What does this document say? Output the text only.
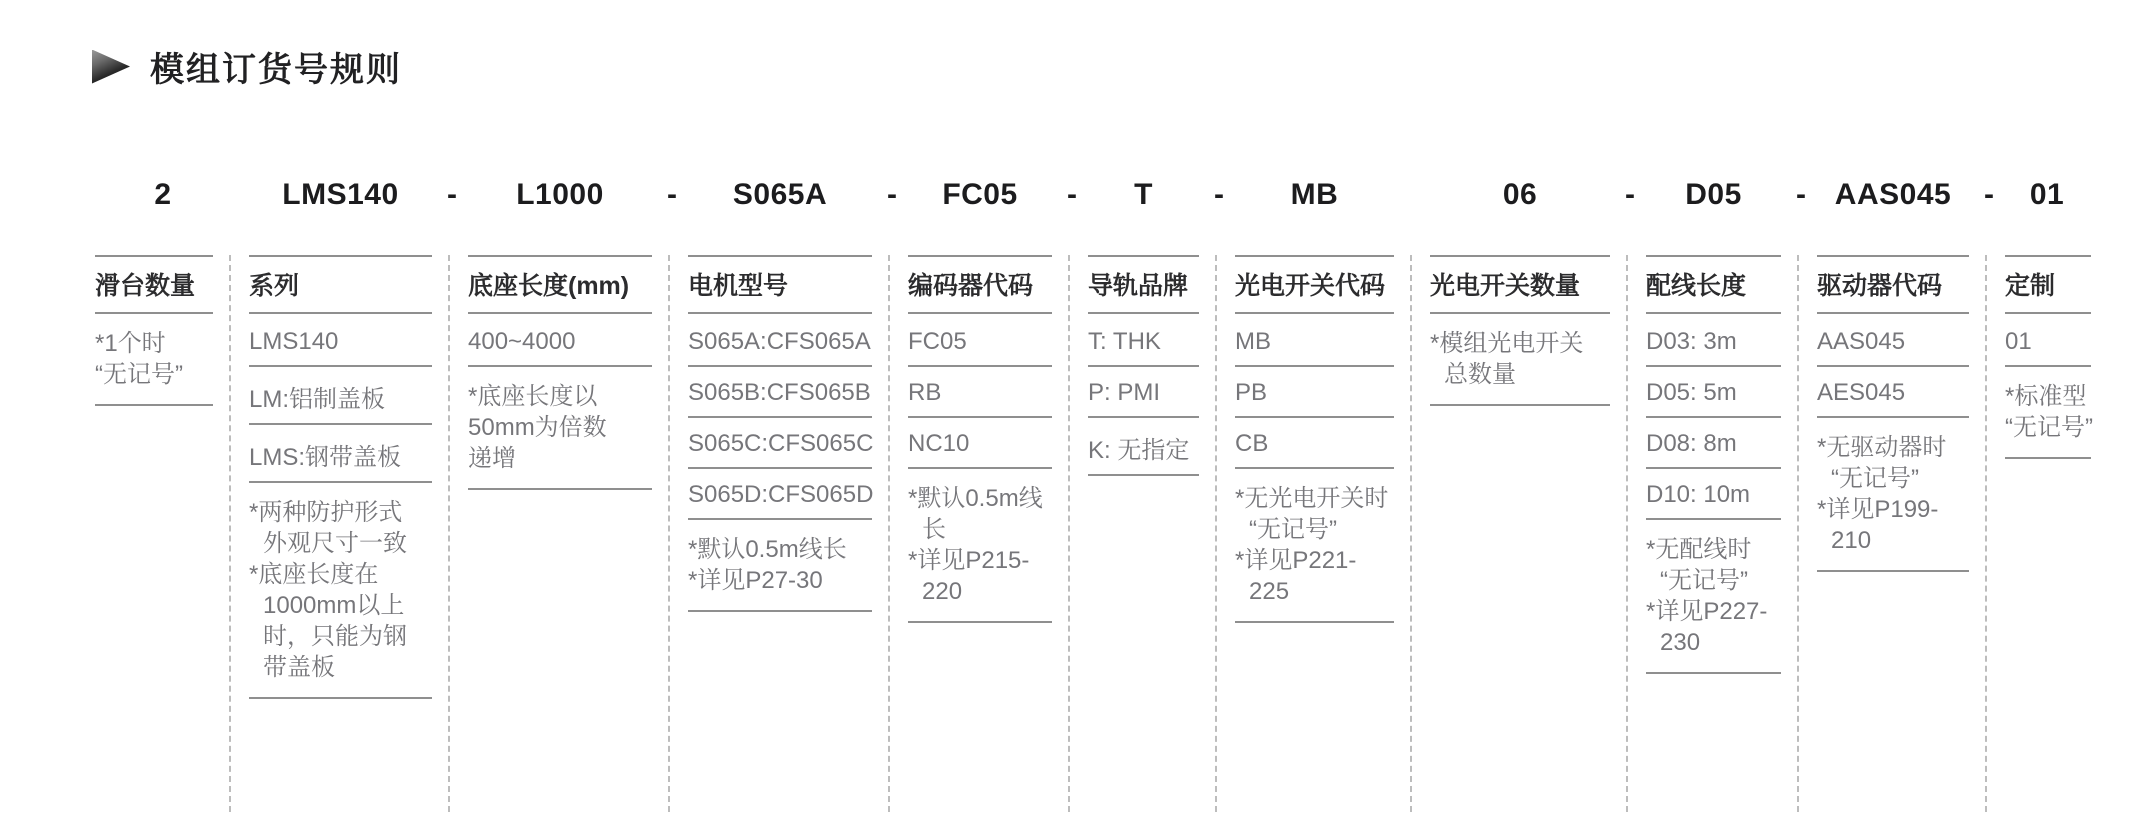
模组订货号规则
2
滑台数量
*1个时
“无记号”
LMS140 -
系列
LMS140
LM:铝制盖板
LMS:钢带盖板
*两种防护形式
外观尺寸一致
*底座长度在
1000mm以上
时，只能为钢
带盖板
L1000 -
底座长度(mm)
400~4000
*底座长度以
50mm为倍数
递增
S065A -
电机型号
S065A:CFS065A
S065B:CFS065B
S065C:CFS065C
S065D:CFS065D
*默认0.5m线长
*详见P27-30
FC05 -
编码器代码
FC05
RB
NC10
*默认0.5m线
长
*详见P215-
220
T -
导轨品牌
T: THK
P: PMI
K: 无指定
MB
光电开关代码
MB
PB
CB
*无光电开关时
“无记号”
*详见P221-
225
06	-
光电开关数量
*模组光电开关
总数量
D05 -
配线长度
D03: 3m
D05: 5m
D08: 8m
D10: 10m
*无配线时
“无记号”
*详见P227-
230
AAS045 -
驱动器代码
AAS045
AES045
*无驱动器时
“无记号”
*详见P199-
210
01
定制
01
*标准型
“无记号”
